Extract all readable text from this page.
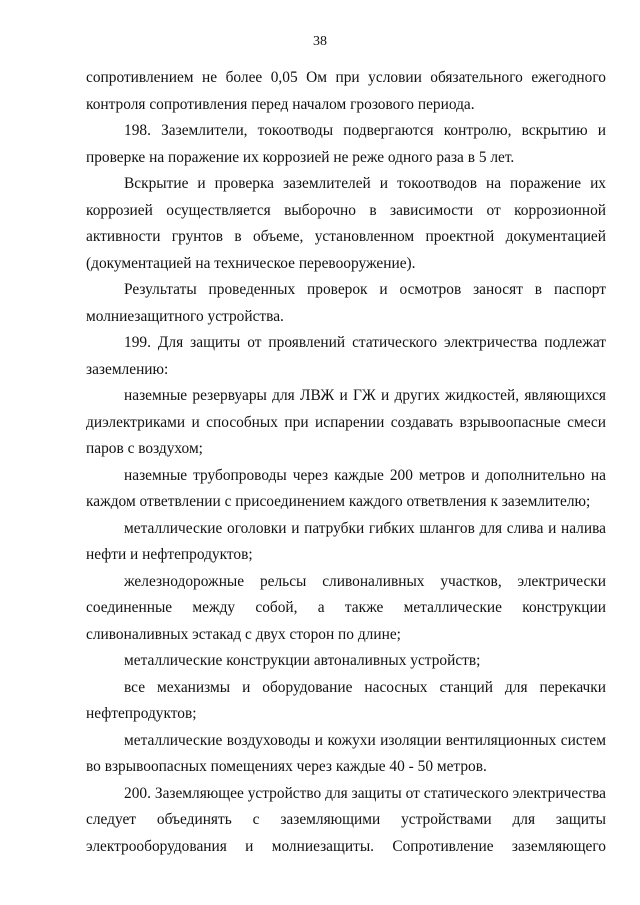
38

сопротивлением не более 0,05 Ом при условии обязательного ежегодного контроля сопротивления перед началом грозового периода.

198. Заземлители, токоотводы подвергаются контролю, вскрытию и проверке на поражение их коррозией не реже одного раза в 5 лет.

Вскрытие и проверка заземлителей и токоотводов на поражение их коррозией осуществляется выборочно в зависимости от коррозионной активности грунтов в объеме, установленном проектной документацией (документацией на техническое перевооружение).

Результаты проведенных проверок и осмотров заносят в паспорт молниезащитного устройства.

199. Для защиты от проявлений статического электричества подлежат заземлению:

наземные резервуары для ЛВЖ и ГЖ и других жидкостей, являющихся диэлектриками и способных при испарении создавать взрывоопасные смеси паров с воздухом;

наземные трубопроводы через каждые 200 метров и дополнительно на каждом ответвлении с присоединением каждого ответвления к заземлителю;

металлические оголовки и патрубки гибких шлангов для слива и налива нефти и нефтепродуктов;

железнодорожные рельсы сливоналивных участков, электрически соединенные между собой, а также металлические конструкции сливоналивных эстакад с двух сторон по длине;

металлические конструкции автоналивных устройств;

все механизмы и оборудование насосных станций для перекачки нефтепродуктов;

металлические воздуховоды и кожухи изоляции вентиляционных систем во взрывоопасных помещениях через каждые 40 - 50 метров.

200. Заземляющее устройство для защиты от статического электричества следует объединять с заземляющими устройствами для защиты электрооборудования и молниезащиты. Сопротивление заземляющего
